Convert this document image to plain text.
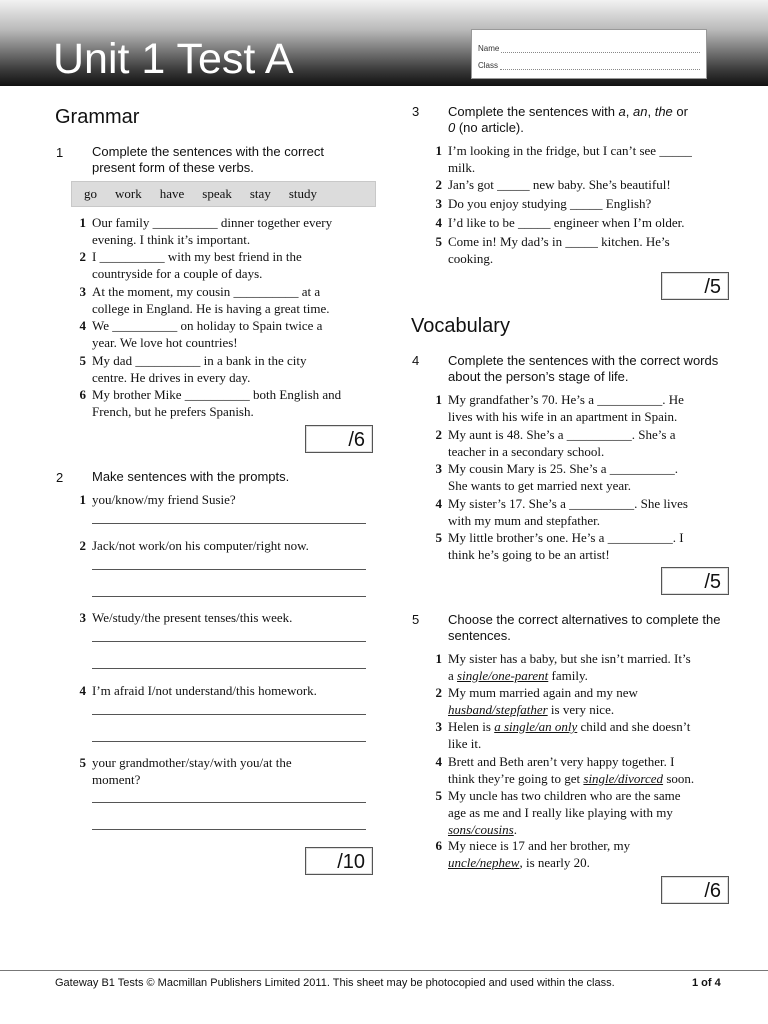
Unit 1 Test A	Name
Class
Grammar
1 Complete the sentences with the correct present form of these verbs.
go work have speak stay study
1 Our family __________ dinner together every
evening. I think it’s important.
2 I __________ with my best friend in the
countryside for a couple of days.
3 At the moment, my cousin __________ at a
college in England. He is having a great time.
4 We __________ on holiday to Spain twice a
year. We love hot countries!
5 My dad __________ in a bank in the city
centre. He drives in every day.
6 My brother Mike __________ both English and
French, but he prefers Spanish.
/6
2 Make sentences with the prompts.
1 you/know/my friend Susie?
2 Jack/not work/on his computer/right now.
3 We/study/the present tenses/this week.
4 I’m afraid I/not understand/this homework.
5 your grandmother/stay/with you/at the
moment?
/10
3 Complete the sentences with a, an, the or
0 (no article).
1 I’m looking in the fridge, but I can’t see _____
milk.
2 Jan’s got _____ new baby. She’s beautiful!
3 Do you enjoy studying _____ English?
4 I’d like to be _____ engineer when I’m older.
5 Come in! My dad’s in _____ kitchen. He’s
cooking.
/5
Vocabulary
4 Complete the sentences with the correct words about the person’s stage of life.
1 My grandfather’s 70. He’s a __________. He
lives with his wife in an apartment in Spain.
2 My aunt is 48. She’s a __________. She’s a
teacher in a secondary school.
3 My cousin Mary is 25. She’s a __________.
She wants to get married next year.
4 My sister’s 17. She’s a __________. She lives
with my mum and stepfather.
5 My little brother’s one. He’s a __________. I
think he’s going to be an artist!
/5
5 Choose the correct alternatives to complete the sentences.
1 My sister has a baby, but she isn’t married. It’s
a single/one-parent family.
2 My mum married again and my new
husband/stepfather is very nice.
3 Helen is a single/an only child and she doesn’t
like it.
4 Brett and Beth aren’t very happy together. I
think they’re going to get single/divorced soon.
5 My uncle has two children who are the same
age as me and I really like playing with my
sons/cousins.
6 My niece is 17 and her brother, my
uncle/nephew, is nearly 20.
/6
Gateway B1 Tests © Macmillan Publishers Limited 2011. This sheet may be photocopied and used within the class.	1 of 4
